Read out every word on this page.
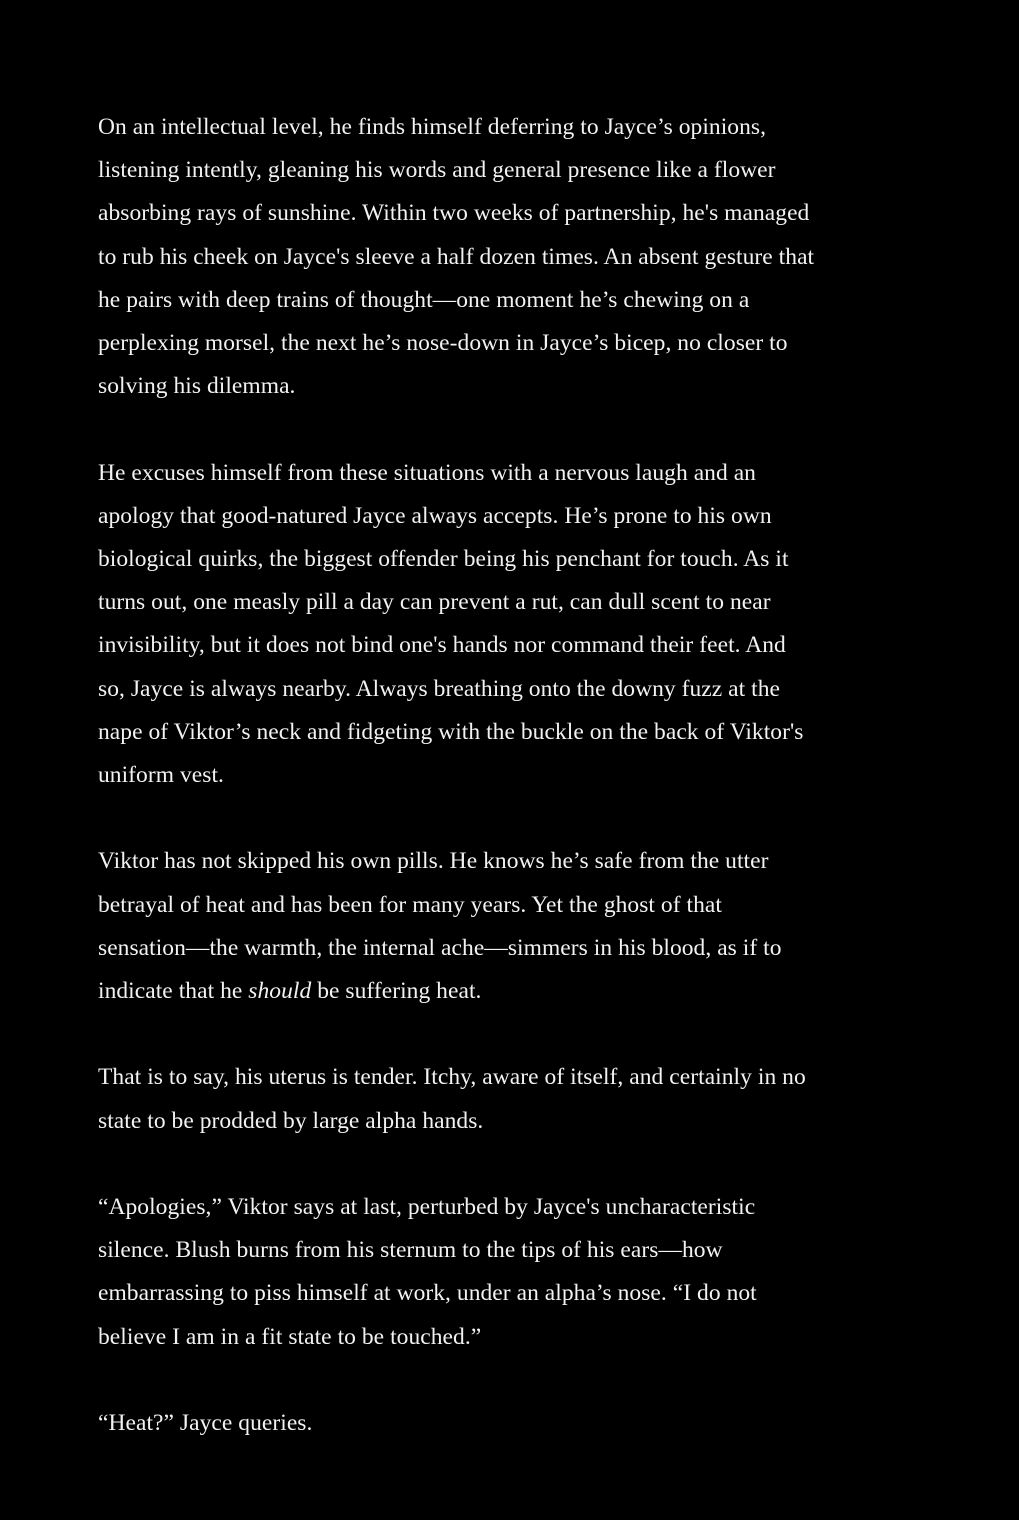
On an intellectual level, he finds himself deferring to Jayce’s opinions,
listening intently, gleaning his words and general presence like a flower
absorbing rays of sunshine. Within two weeks of partnership, he's managed
to rub his cheek on Jayce's sleeve a half dozen times. An absent gesture that
he pairs with deep trains of thought—one moment he’s chewing on a
perplexing morsel, the next he’s nose-down in Jayce’s bicep, no closer to
solving his dilemma.

He excuses himself from these situations with a nervous laugh and an
apology that good-natured Jayce always accepts. He’s prone to his own
biological quirks, the biggest offender being his penchant for touch. As it
turns out, one measly pill a day can prevent a rut, can dull scent to near
invisibility, but it does not bind one's hands nor command their feet. And
so, Jayce is always nearby. Always breathing onto the downy fuzz at the
nape of Viktor’s neck and fidgeting with the buckle on the back of Viktor's
uniform vest.

Viktor has not skipped his own pills. He knows he’s safe from the utter
betrayal of heat and has been for many years. Yet the ghost of that
sensation—the warmth, the internal ache—simmers in his blood, as if to
indicate that he should be suffering heat.

That is to say, his uterus is tender. Itchy, aware of itself, and certainly in no
state to be prodded by large alpha hands.

“Apologies,” Viktor says at last, perturbed by Jayce's uncharacteristic
silence. Blush burns from his sternum to the tips of his ears—how
embarrassing to piss himself at work, under an alpha’s nose. “I do not
believe I am in a fit state to be touched.”

“Heat?” Jayce queries.
